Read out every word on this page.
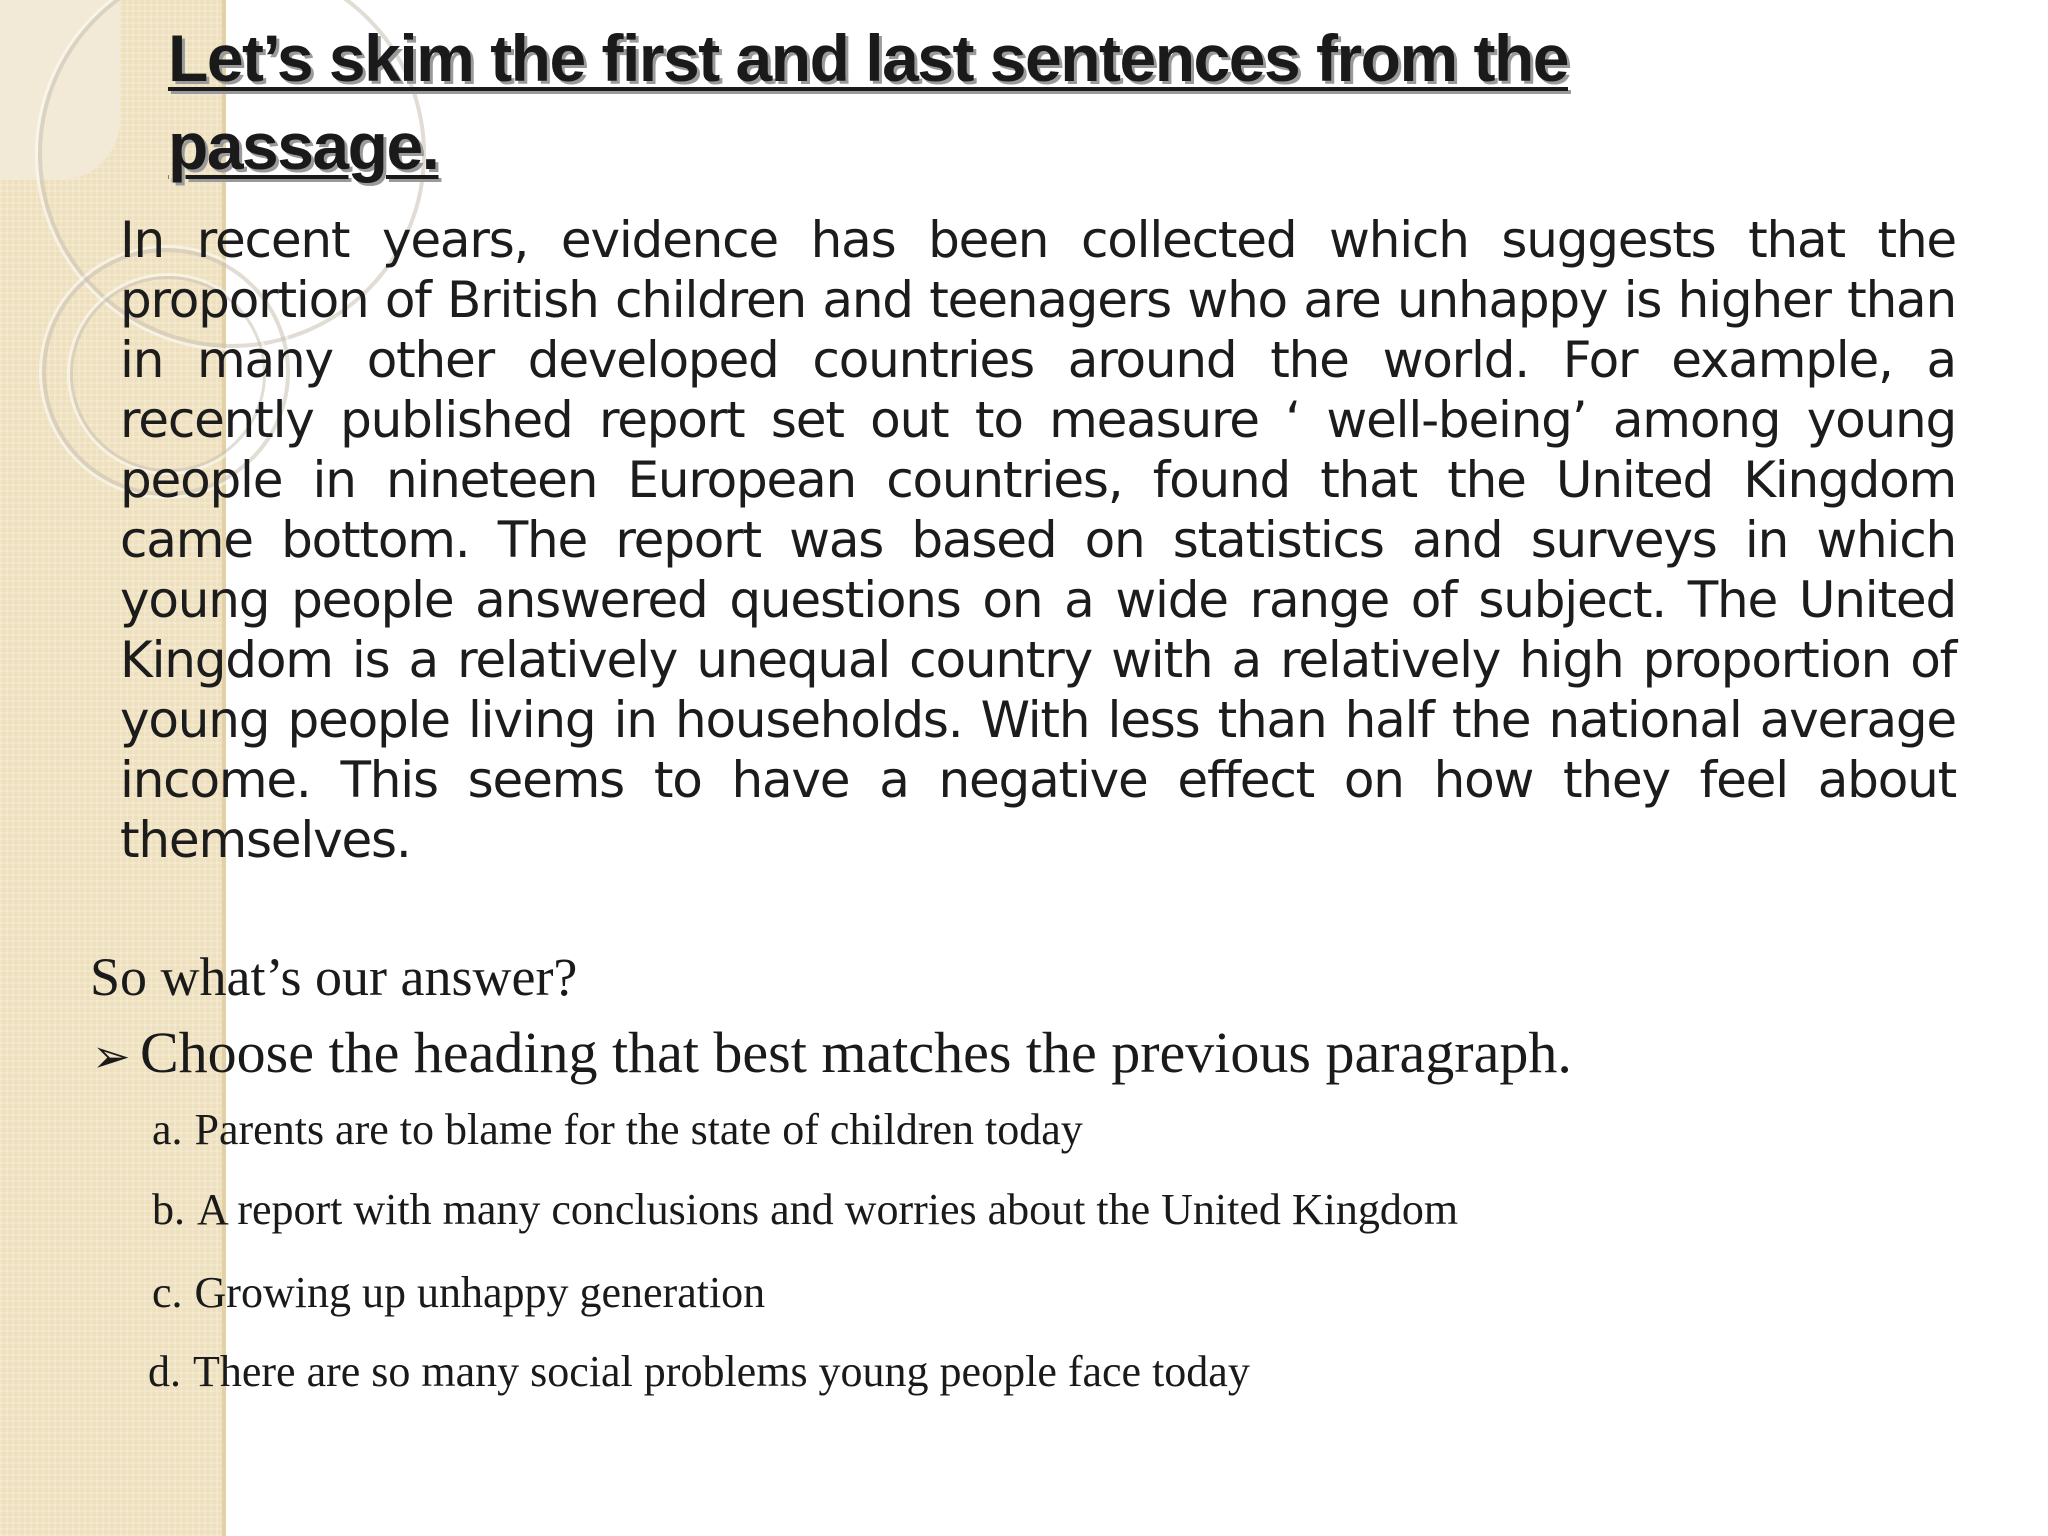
Let’s skim the first and last sentences from the passage.

In recent years, evidence has been collected which suggests that the proportion of British children and teenagers who are unhappy is higher than in many other developed countries around the world. For example, a recently published report set out to measure ‘ well-being’ among young people in nineteen European countries, found that the United Kingdom came bottom. The report was based on statistics and surveys in which young people answered questions on a wide range of subject. The United Kingdom is a relatively unequal country with a relatively high proportion of young people living in households. With less than half the national average income. This seems to have a negative effect on how they feel about themselves.

So what’s our answer?

➢ Choose the heading that best matches the previous paragraph.

a. Parents are to blame for the state of children today
b. A report with many conclusions and worries about the United Kingdom
c. Growing up unhappy generation
d. There are so many social problems young people face today
